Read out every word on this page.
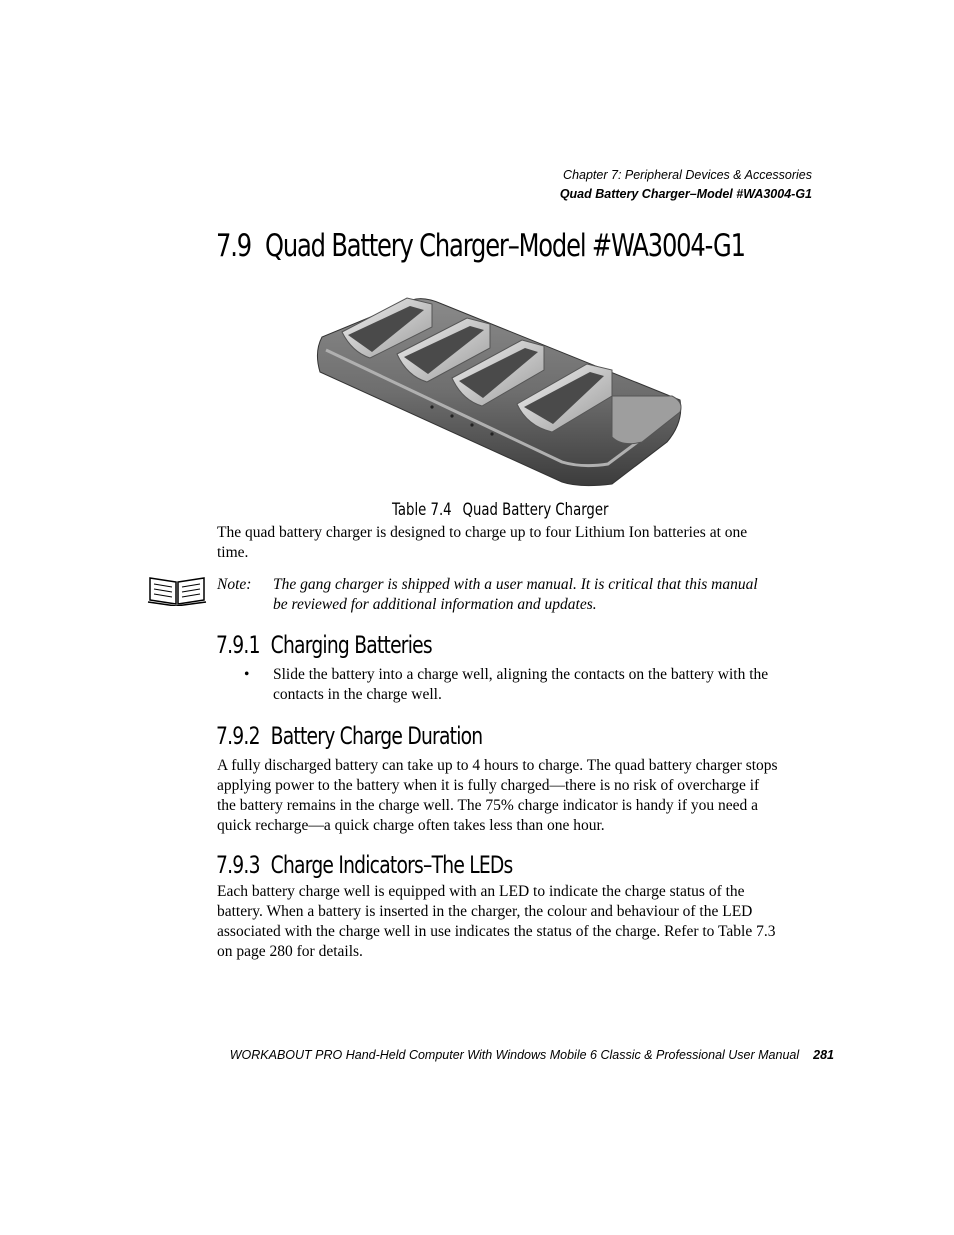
Chapter 7: Peripheral Devices & Accessories
Quad Battery Charger–Model #WA3004-G1
7.9 Quad Battery Charger–Model #WA3004-G1
Table 7.4 Quad Battery Charger

The quad battery charger is designed to charge up to four Lithium Ion batteries at one time.

Note: The gang charger is shipped with a user manual. It is critical that this manual be reviewed for additional information and updates.
7.9.1 Charging Batteries
• Slide the battery into a charge well, aligning the contacts on the battery with the contacts in the charge well.
7.9.2 Battery Charge Duration

A fully discharged battery can take up to 4 hours to charge. The quad battery charger stops applying power to the battery when it is fully charged—there is no risk of overcharge if the battery remains in the charge well. The 75% charge indicator is handy if you need a quick recharge—a quick charge often takes less than one hour.

7.9.3 Charge Indicators–The LEDs

Each battery charge well is equipped with an LED to indicate the charge status of the battery. When a battery is inserted in the charger, the colour and behaviour of the LED associated with the charge well in use indicates the status of the charge. Refer to Table 7.3 on page 280 for details.

WORKABOUT PRO Hand-Held Computer With Windows Mobile 6 Classic & Professional User Manual 281
